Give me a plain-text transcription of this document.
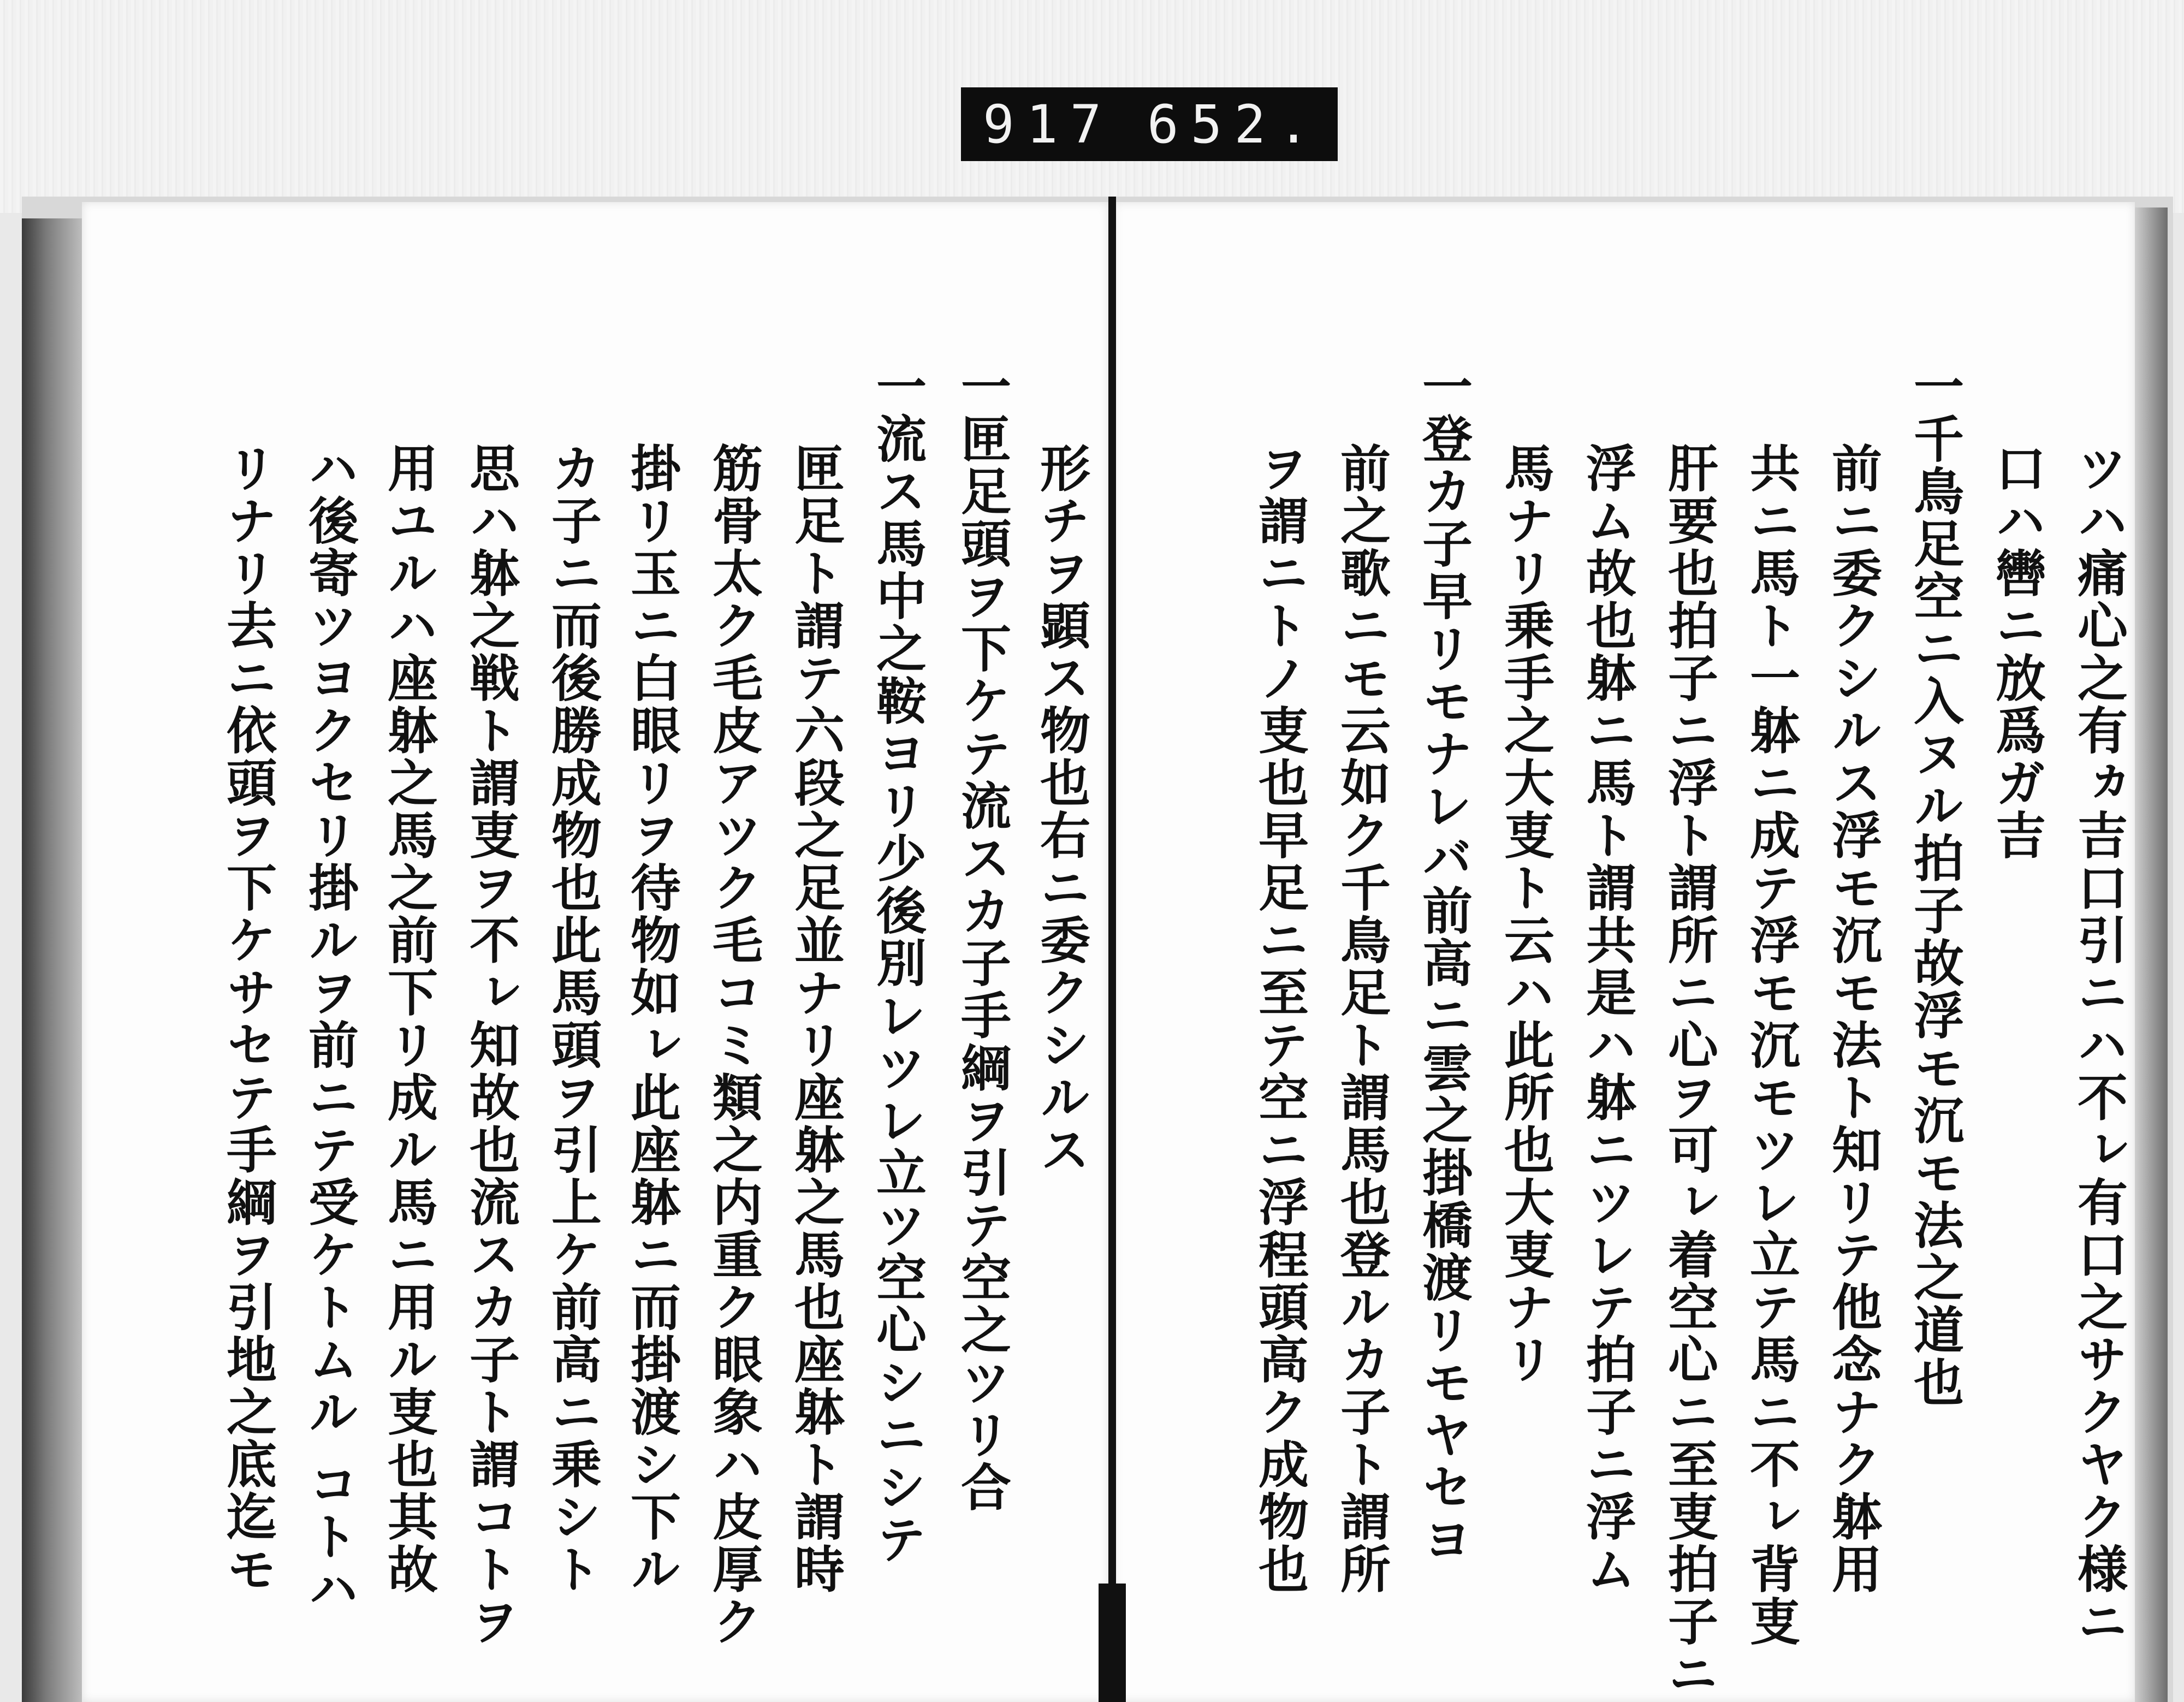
917 652.
形チヲ顕ス物也右ニ委クシルス
一匣足頭ヲ下ケテ流スカ子手綱ヲ引テ空之ツリ合
一流ス馬中之鞍ヨリ少後別レツレ立ツ空心シニシテ
匣足ト謂テ六段之足並ナリ座躰之馬也座躰ト謂時
筋骨太ク毛皮アツク毛コミ類之内重ク眼象ハ皮厚ク
掛リ玉ニ白眼リヲ待物如ㇾ此座躰ニ而掛渡シ下ル
カ子ニ而後勝成物也此馬頭ヲ引上ケ前高ニ乗シト
思ハ躰之戦ト謂叓ヲ不ㇾ知故也流スカ子ト謂コトヲ
用ユルハ座躰之馬之前下リ成ル馬ニ用ル叓也其故
ハ後寄ツヨクセリ掛ルヲ前ニテ受ケトムル コトハ
リナリ去ニ依頭ヲ下ケサセテ手綱ヲ引地之底迄モ	ツハ痛心之有ヵ吉口引ニハ不ㇾ有口之サクヤク様ニ
口ハ轡ニ放爲ガ吉
一千鳥足空ニ入ヌル拍子故浮モ沉モ法之道也
前ニ委クシルス浮モ沉モ法ト知リテ他念ナク躰用
共ニ馬ト一躰ニ成テ浮モ沉モツレ立テ馬ニ不ㇾ背叓
肝要也拍子ニ浮ト謂所ニ心ヲ可ㇾ着空心ニ至叓拍子ニ
浮ム故也躰ニ馬ト謂共是ハ躰ニツレテ拍子ニ浮ム
馬ナリ乗手之大叓ト云ハ此所也大叓ナリ
一登カ子早リモナレバ前高ニ雲之掛橋渡リモヤセヨ
前之歌ニモ云如ク千鳥足ト謂馬也登ルカ子ト謂所
ヲ謂ニトノ叓也早足ニ至テ空ニ浮程頭高ク成物也
